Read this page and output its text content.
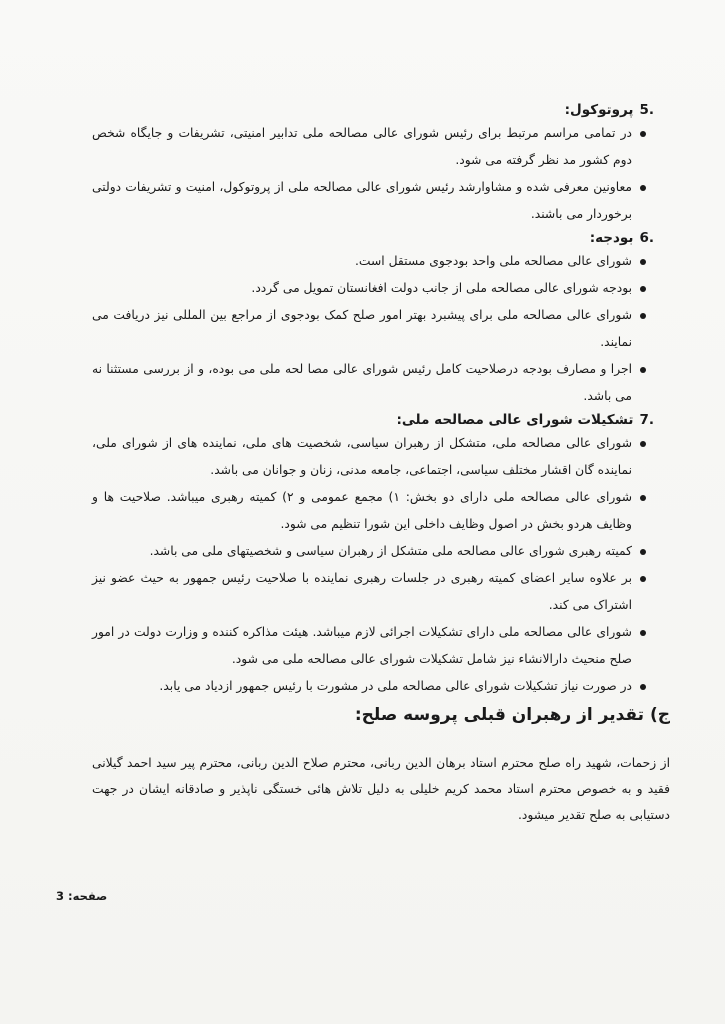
5.
پروتوکول:
در تمامی مراسم مرتبط برای رئیس شورای عالی مصالحه ملی تدابیر امنیتی، تشریفات و جایگاه شخص دوم کشور مد نظر گرفته می شود.
معاونین معرفی شده و مشاوارشد رئیس شورای عالی مصالحه ملی از پروتوکول، امنیت و تشریفات دولتی برخوردار می باشند.
6.
بودجه:
شورای عالی مصالحه ملی واحد بودجوی مستقل است.
بودجه شورای عالی مصالحه ملی از جانب دولت افغانستان تمویل می گردد.
شورای عالی مصالحه ملی برای پیشبرد بهتر امور صلح کمک بودجوی از مراجع بین المللی نیز دریافت می نمایند.
اجرا و مصارف بودجه درصلاحیت کامل رئیس شورای عالی مصا لحه ملی می بوده، و از بررسی مستثنا نه می باشد.
7.
تشکیلات شورای عالی مصالحه ملی:
شورای عالی مصالحه ملی، متشکل از رهبران سیاسی، شخصیت های ملی، نماینده های از شورای ملی، نماینده گان اقشار مختلف سیاسی، اجتماعی، جامعه مدنی، زنان و جوانان می باشد.
شورای عالی مصالحه ملی دارای دو بخش: ۱) مجمع عمومی و ۲) کمیته رهبری میباشد. صلاحیت ها و وظایف هردو بخش در اصول وظایف داخلی این شورا تنظیم می شود.
کمیته رهبری شورای عالی مصالحه ملی متشکل از رهبران سیاسی و شخصیتهای ملی می باشد.
بر علاوه سایر اعضای کمیته رهبری در جلسات رهبری نماینده با صلاحیت رئیس جمهور به حیث عضو نیز اشتراک می کند.
شورای عالی مصالحه ملی دارای تشکیلات اجرائی لازم میباشد. هیئت مذاکره کننده و وزارت دولت در امور صلح منحیث دارالانشاء نیز شامل تشکیلات شورای عالی مصالحه ملی می شود.
در صورت نیاز تشکیلات شورای عالی مصالحه ملی در مشورت با رئیس جمهور ازدیاد می یابد.
ج) تقدیر از رهبران قبلی پروسه صلح:
از زحمات، شهید راه صلح محترم استاد برهان الدین ربانی، محترم صلاح الدین ربانی، محترم پیر سید احمد گیلانی فقید و به خصوص محترم استاد محمد کریم خلیلی به دلیل تلاش هائی خستگی ناپذیر و صادقانه ایشان در جهت دستیابی به صلح تقدیر میشود.
صفحه: 3
